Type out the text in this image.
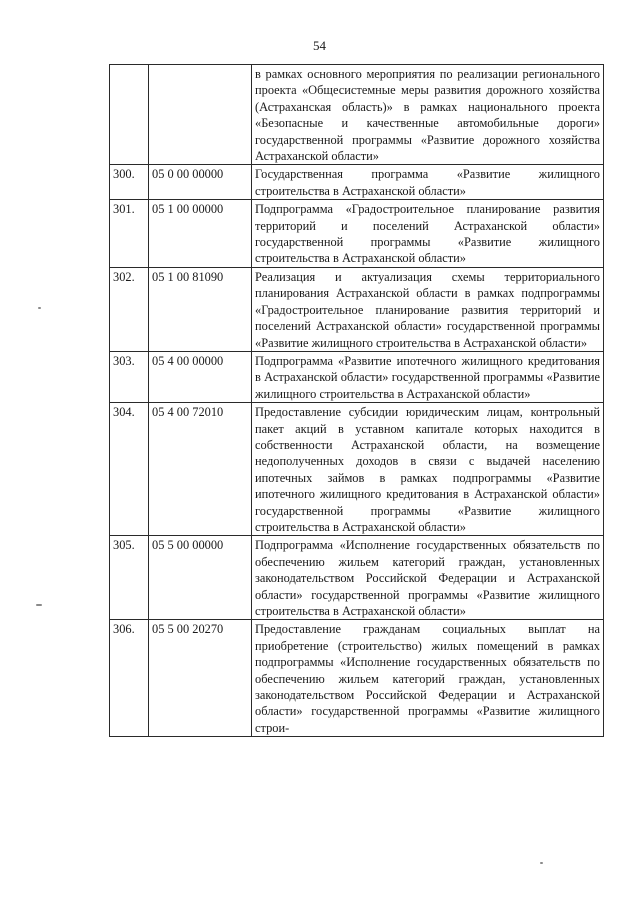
54
		в рамках основного мероприятия по реализации регионального проекта «Общесистемные меры развития дорожного хозяйства (Астраханская область)» в рамках национального проекта «Безопасные и качественные автомобильные дороги» государственной программы «Развитие дорожного хозяйства Астраханской области»
300.	05 0 00 00000	Государственная программа «Развитие жилищного строительства в Астраханской области»
301.	05 1 00 00000	Подпрограмма «Градостроительное планирование развития территорий и поселений Астраханской области» государственной программы «Развитие жилищного строительства в Астраханской области»
302.	05 1 00 81090	Реализация и актуализация схемы территориального планирования Астраханской области в рамках подпрограммы «Градостроительное планирование развития территорий и поселений Астраханской области» государственной программы «Развитие жилищного строительства в Астраханской области»
303.	05 4 00 00000	Подпрограмма «Развитие ипотечного жилищного кредитования в Астраханской области» государственной программы «Развитие жилищного строительства в Астраханской области»
304.	05 4 00 72010	Предоставление субсидии юридическим лицам, контрольный пакет акций в уставном капитале которых находится в собственности Астраханской области, на возмещение недополученных доходов в связи с выдачей населению ипотечных займов в рамках подпрограммы «Развитие ипотечного жилищного кредитования в Астраханской области» государственной программы «Развитие жилищного строительства в Астраханской области»
305.	05 5 00 00000	Подпрограмма «Исполнение государственных обязательств по обеспечению жильем категорий граждан, установленных законодательством Российской Федерации и Астраханской области» государственной программы «Развитие жилищного строительства в Астраханской области»
306.	05 5 00 20270	Предоставление гражданам социальных выплат на приобретение (строительство) жилых помещений в рамках подпрограммы «Исполнение государственных обязательств по обеспечению жильем категорий граждан, установленных законодательством Российской Федерации и Астраханской области» государственной программы «Развитие жилищного строи-
